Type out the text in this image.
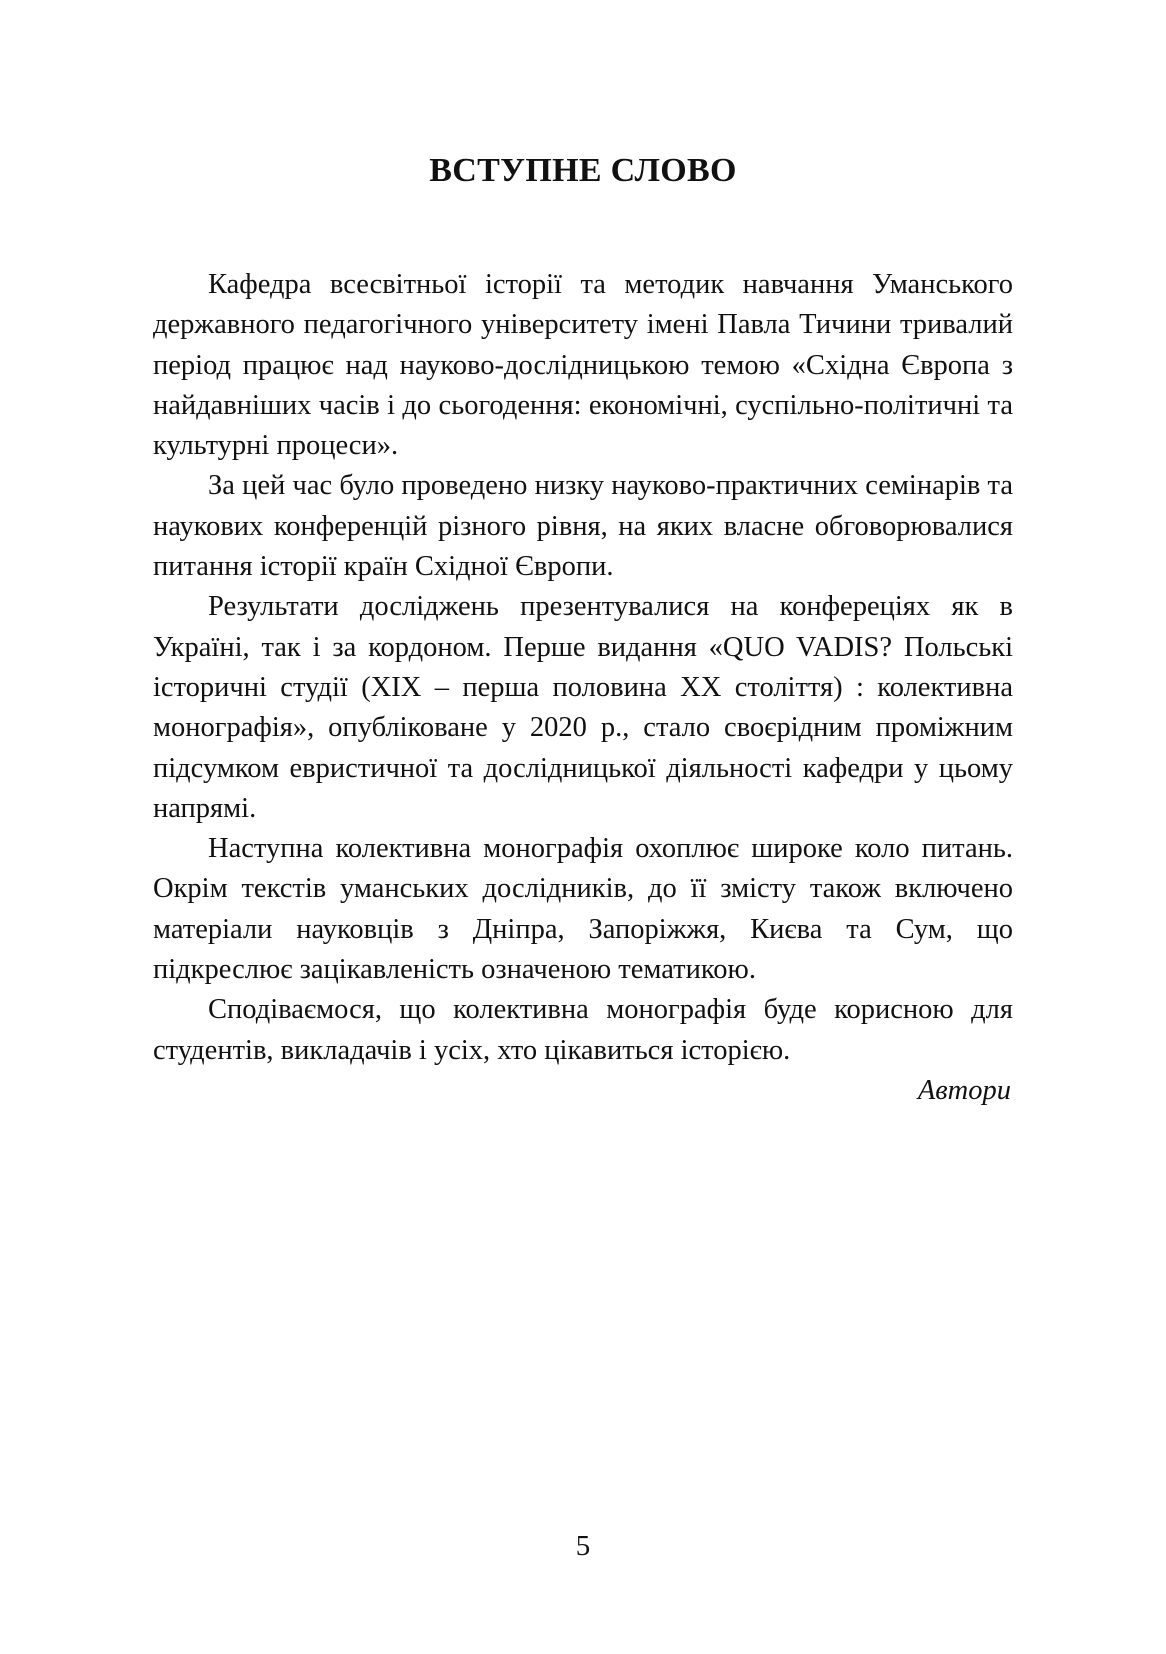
ВСТУПНЕ СЛОВО

Кафедра всесвітньої історії та методик навчання Уманського державного педагогічного університету імені Павла Тичини тривалий період працює над науково-дослідницькою темою «Східна Європа з найдавніших часів і до сьогодення: економічні, суспільно-політичні та культурні процеси».

За цей час було проведено низку науково-практичних семінарів та наукових конференцій різного рівня, на яких власне обговорювалися питання історії країн Східної Європи.

Результати досліджень презентувалися на конфереціях як в Україні, так і за кордоном. Перше видання «QUO VADIS? Польські історичні студії (XIX – перша половина XX століття) : колективна монографія», опубліковане у 2020 р., стало своєрідним проміжним підсумком евристичної та дослідницької діяльності кафедри у цьому напрямі.

Наступна колективна монографія охоплює широке коло питань. Окрім текстів уманських дослідників, до її змісту також включено матеріали науковців з Дніпра, Запоріжжя, Києва та Сум, що підкреслює зацікавленість означеною тематикою.

Сподіваємося, що колективна монографія буде корисною для студентів, викладачів і усіх, хто цікавиться історією.

Автори

5
